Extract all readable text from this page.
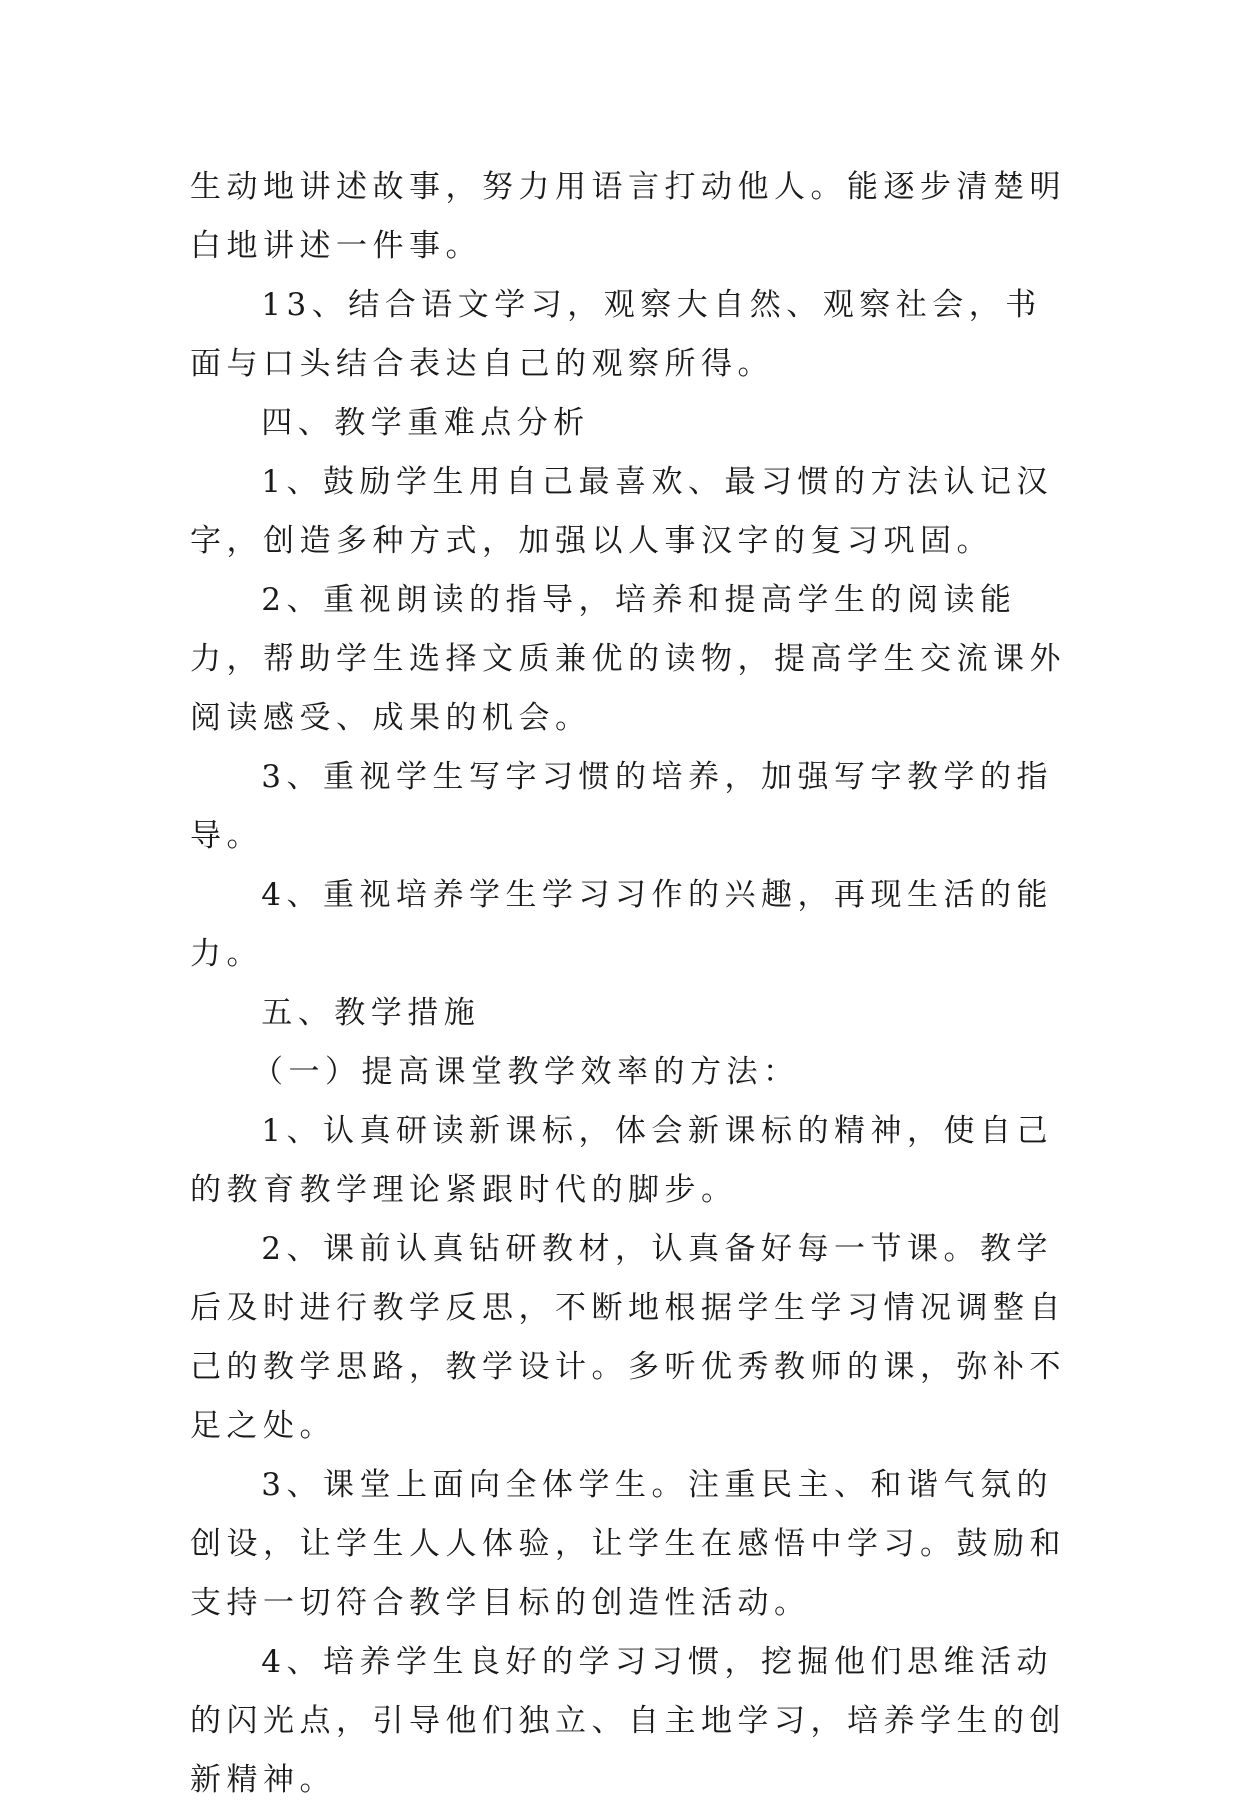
生动地讲述故事，努力用语言打动他人。能逐步清楚明白地讲述一件事。

13、结合语文学习，观察大自然、观察社会，书面与口头结合表达自己的观察所得。

四、教学重难点分析

1、鼓励学生用自己最喜欢、最习惯的方法认记汉字，创造多种方式，加强以人事汉字的复习巩固。

2、重视朗读的指导，培养和提高学生的阅读能力，帮助学生选择文质兼优的读物，提高学生交流课外阅读感受、成果的机会。

3、重视学生写字习惯的培养，加强写字教学的指导。

4、重视培养学生学习习作的兴趣，再现生活的能力。

五、教学措施

（一）提高课堂教学效率的方法：

1、认真研读新课标，体会新课标的精神，使自己的教育教学理论紧跟时代的脚步。

2、课前认真钻研教材，认真备好每一节课。教学后及时进行教学反思，不断地根据学生学习情况调整自己的教学思路，教学设计。多听优秀教师的课，弥补不足之处。

3、课堂上面向全体学生。注重民主、和谐气氛的创设，让学生人人体验，让学生在感悟中学习。鼓励和支持一切符合教学目标的创造性活动。

4、培养学生良好的学习习惯，挖掘他们思维活动的闪光点，引导他们独立、自主地学习，培养学生的创新精神。
